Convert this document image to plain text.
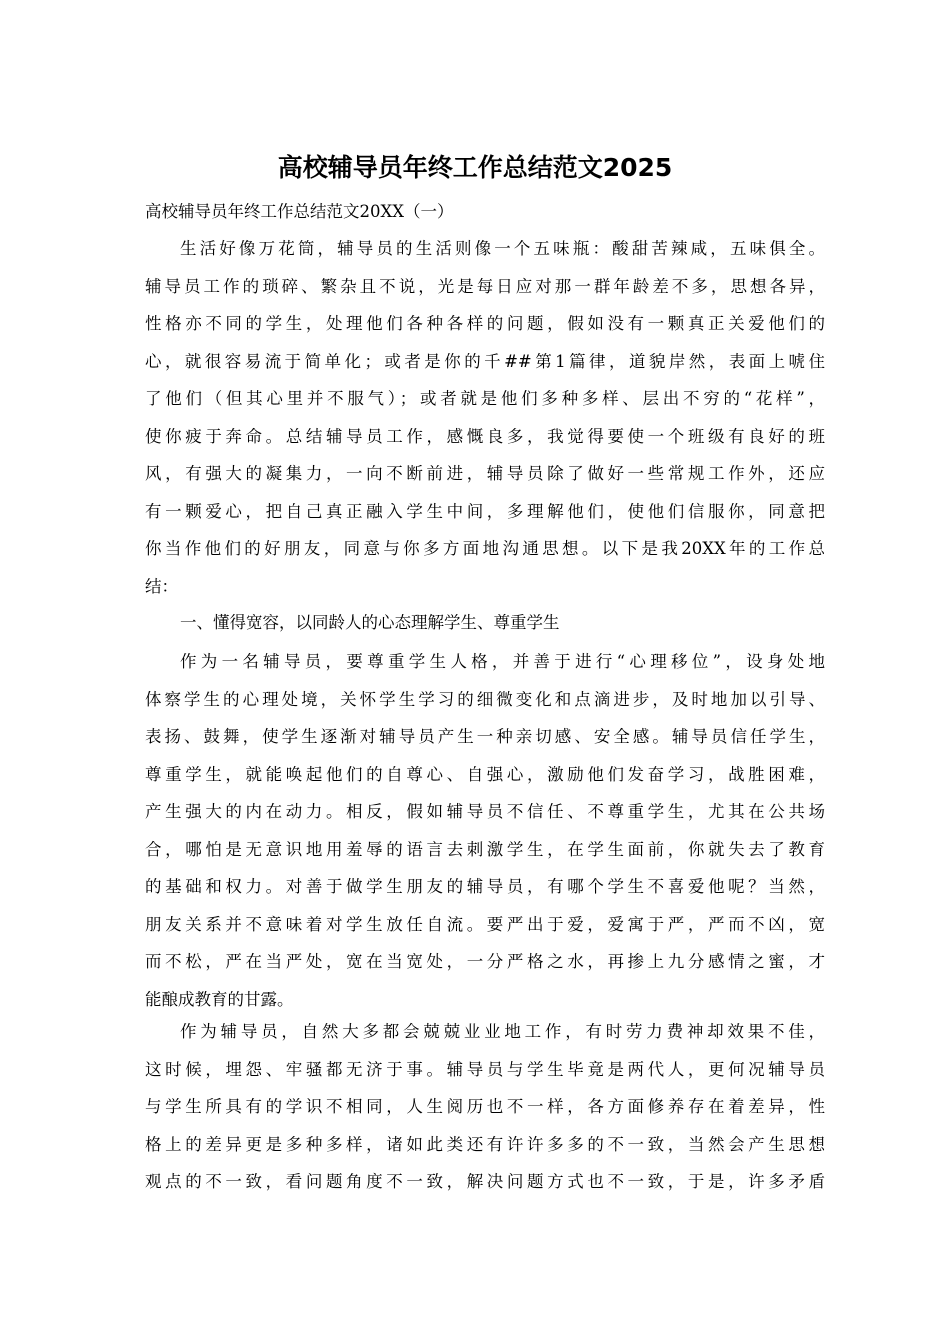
高校辅导员年终工作总结范文2025
高校辅导员年终工作总结范文20XX（一）
生活好像万花筒，辅导员的生活则像一个五味瓶：酸甜苦辣咸，五味俱全。
辅导员工作的琐碎、繁杂且不说，光是每日应对那一群年龄差不多，思想各异，
性格亦不同的学生，处理他们各种各样的问题，假如没有一颗真正关爱他们的
心，就很容易流于简单化；或者是你的千##第1篇律，道貌岸然，表面上唬住
了他们（但其心里并不服气）；或者就是他们多种多样、层出不穷的“花样”，
使你疲于奔命。总结辅导员工作，感慨良多，我觉得要使一个班级有良好的班
风，有强大的凝集力，一向不断前进，辅导员除了做好一些常规工作外，还应
有一颗爱心，把自己真正融入学生中间，多理解他们，使他们信服你，同意把
你当作他们的好朋友，同意与你多方面地沟通思想。以下是我20XX年的工作总
结：
一、懂得宽容，以同龄人的心态理解学生、尊重学生
作为一名辅导员，要尊重学生人格，并善于进行“心理移位”，设身处地
体察学生的心理处境，关怀学生学习的细微变化和点滴进步，及时地加以引导、
表扬、鼓舞，使学生逐渐对辅导员产生一种亲切感、安全感。辅导员信任学生，
尊重学生，就能唤起他们的自尊心、自强心，激励他们发奋学习，战胜困难，
产生强大的内在动力。相反，假如辅导员不信任、不尊重学生，尤其在公共场
合，哪怕是无意识地用羞辱的语言去刺激学生，在学生面前，你就失去了教育
的基础和权力。对善于做学生朋友的辅导员，有哪个学生不喜爱他呢？当然，
朋友关系并不意味着对学生放任自流。要严出于爱，爱寓于严，严而不凶，宽
而不松，严在当严处，宽在当宽处，一分严格之水，再掺上九分感情之蜜，才
能酿成教育的甘露。
作为辅导员，自然大多都会兢兢业业地工作，有时劳力费神却效果不佳，
这时候，埋怨、牢骚都无济于事。辅导员与学生毕竟是两代人，更何况辅导员
与学生所具有的学识不相同，人生阅历也不一样，各方面修养存在着差异，性
格上的差异更是多种多样，诸如此类还有许许多多的不一致，当然会产生思想
观点的不一致，看问题角度不一致，解决问题方式也不一致，于是，许多矛盾
